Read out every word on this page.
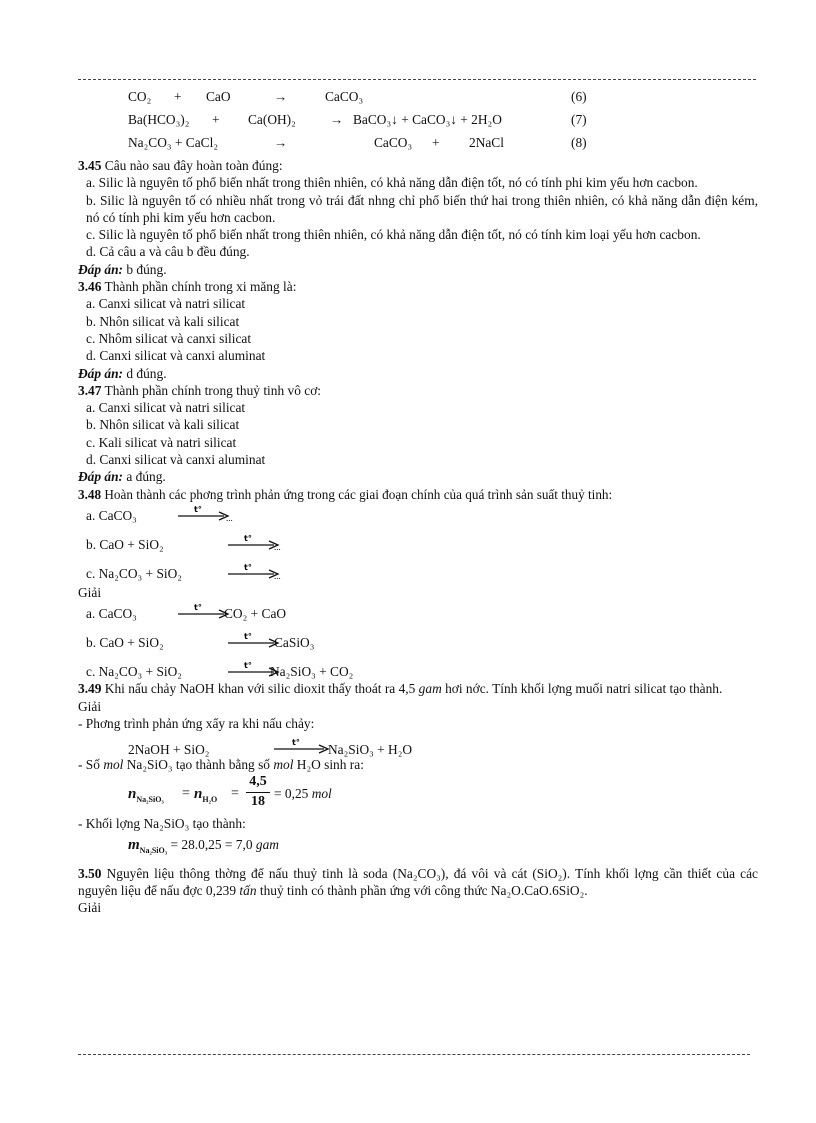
CO₂ + CaO	→	CaCO₃	(6)
Ba(HCO₃)₂ + Ca(OH)₂	→ BaCO₃↓ + CaCO₃↓ + 2H₂O	(7)
Na₂CO₃ + CaCl₂	→	CaCO₃ + 2NaCl	(8)
3.45 Câu nào sau đây hoàn toàn đúng:
a. Silic là nguyên tố phổ biến nhất trong thiên nhiên, có khả năng dẫn điện tốt, nó có tính phi kim yếu hơn cacbon.
b. Silic là nguyên tố có nhiều nhất trong vỏ trái đất nhng chỉ phổ biến thứ hai trong thiên nhiên, có khả năng dẫn điện kém, nó có tính phi kim yếu hơn cacbon.
c. Silic là nguyên tố phổ biến nhất trong thiên nhiên, có khả năng dẫn điện tốt, nó có tính kim loại yếu hơn cacbon.
d. Cả câu a và câu b đều đúng.
Đáp án: b đúng.
3.46 Thành phần chính trong xi măng là:
a. Canxi silicat và natri silicat
b. Nhôn silicat và kali silicat
c. Nhôm silicat và canxi silicat
d. Canxi silicat và canxi aluminat
Đáp án: d đúng.
3.47 Thành phần chính trong thuỷ tinh vô cơ:
a. Canxi silicat và natri silicat
b. Nhôn silicat và kali silicat
c. Kali silicat và natri silicat
d. Canxi silicat và canxi aluminat
Đáp án: a đúng.
3.48 Hoàn thành các phơng trình phản ứng trong các giai đoạn chính của quá trình sản suất thuỷ tinh:
a. CaCO₃	t°
...
b. CaO + SiO₂	t°
...
c. Na₂CO₃ + SiO₂	t°
...
Giải
a. CaCO₃	t° CO₂ + CaO
b. CaO + SiO₂	t° CaSiO₃
c. Na₂CO₃ + SiO₂	t° Na₂SiO₃ + CO₂
3.49 Khi nấu chảy NaOH khan với silic dioxit thấy thoát ra 4,5 gam hơi nớc. Tính khối lợng muối natri silicat tạo thành.
Giải
- Phơng trình phản ứng xẩy ra khi nấu chảy:
2NaOH + SiO₂	t° Na₂SiO₃ + H₂O
- Số mol Na₂SiO₃ tạo thành bằng số mol H₂O sinh ra:
$n_{Na_2SiO_3} = n_{H_2O}$ =
4,5
18
= 0,25 mol
- Khối lợng Na₂SiO₃ tạo thành:
$m_{Na_2SiO_3} = 28.0,25 = 7,0$ gam
3.50 Nguyên liệu thông thờng để nấu thuỷ tinh là soda (Na₂CO₃), đá vôi và cát (SiO₂). Tính khối lợng cần thiết của các nguyên liệu để nấu đợc 0,239 tấn thuỷ tinh có thành phần ứng với công thức Na₂O.CaO.6SiO₂.
Giải
